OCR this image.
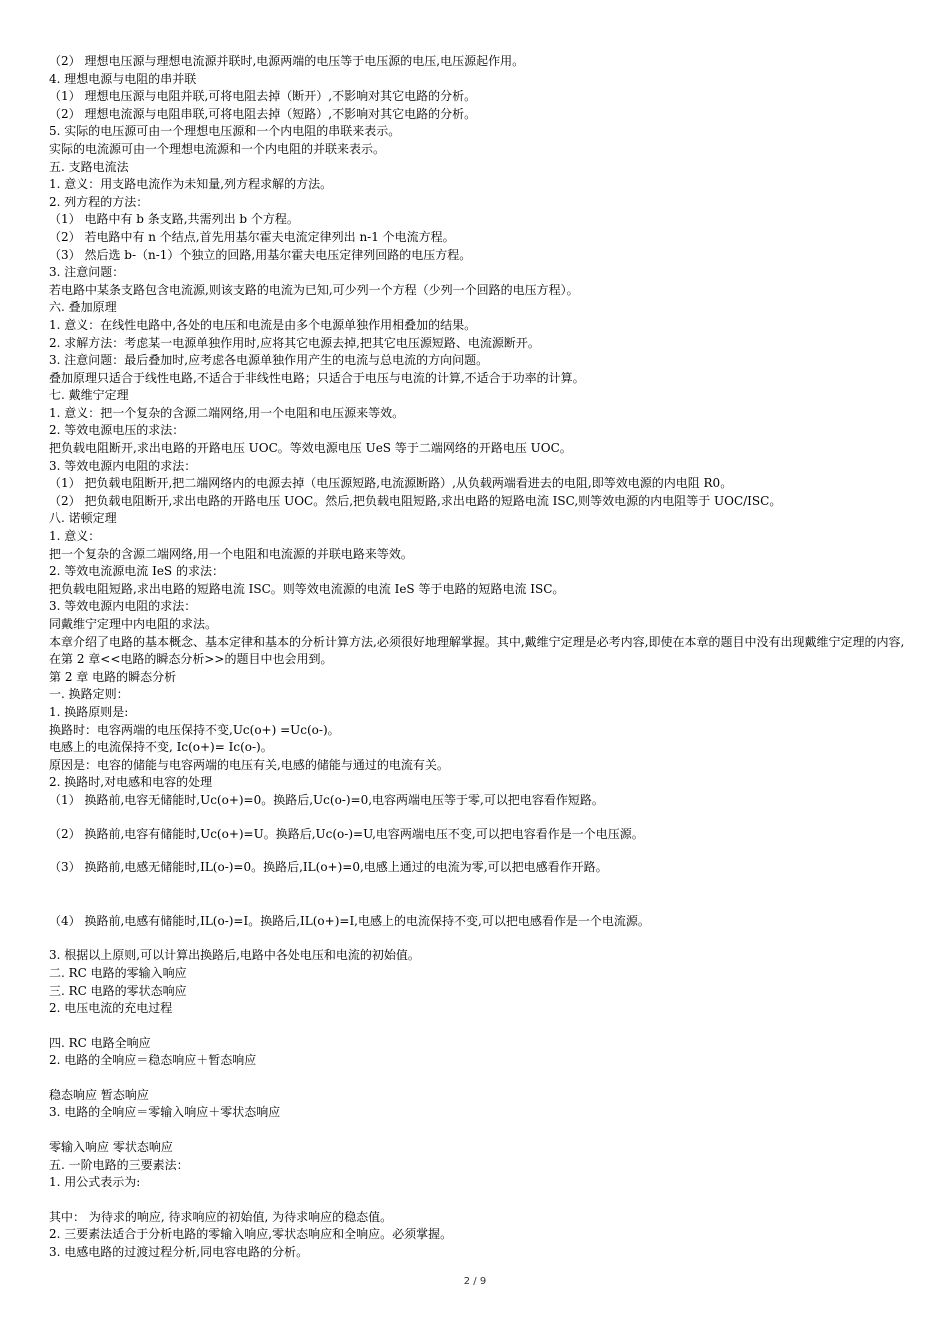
（2） 理想电压源与理想电流源并联时,电源两端的电压等于电压源的电压,电压源起作用。
4. 理想电源与电阻的串并联
（1） 理想电压源与电阻并联,可将电阻去掉（断开）,不影响对其它电路的分析。
（2） 理想电流源与电阻串联,可将电阻去掉（短路）,不影响对其它电路的分析。
5. 实际的电压源可由一个理想电压源和一个内电阻的串联来表示。
实际的电流源可由一个理想电流源和一个内电阻的并联来表示。
五. 支路电流法
1. 意义：用支路电流作为未知量,列方程求解的方法。
2. 列方程的方法：
（1） 电路中有 b 条支路,共需列出 b 个方程。
（2） 若电路中有 n 个结点,首先用基尔霍夫电流定律列出 n-1 个电流方程。
（3） 然后选 b-（n-1）个独立的回路,用基尔霍夫电压定律列回路的电压方程。
3. 注意问题：
若电路中某条支路包含电流源,则该支路的电流为已知,可少列一个方程（少列一个回路的电压方程）。
六. 叠加原理
1. 意义：在线性电路中,各处的电压和电流是由多个电源单独作用相叠加的结果。
2. 求解方法：考虑某一电源单独作用时,应将其它电源去掉,把其它电压源短路、电流源断开。
3. 注意问题：最后叠加时,应考虑各电源单独作用产生的电流与总电流的方向问题。
叠加原理只适合于线性电路,不适合于非线性电路；只适合于电压与电流的计算,不适合于功率的计算。
七. 戴维宁定理
1. 意义：把一个复杂的含源二端网络,用一个电阻和电压源来等效。
2. 等效电源电压的求法：
把负载电阻断开,求出电路的开路电压 UOC。等效电源电压 UeS 等于二端网络的开路电压 UOC。
3. 等效电源内电阻的求法：
（1） 把负载电阻断开,把二端网络内的电源去掉（电压源短路,电流源断路）,从负载两端看进去的电阻,即等效电源的内电阻 R0。
（2） 把负载电阻断开,求出电路的开路电压 UOC。然后,把负载电阻短路,求出电路的短路电流 ISC,则等效电源的内电阻等于 UOC/ISC。
八. 诺顿定理
1. 意义：
把一个复杂的含源二端网络,用一个电阻和电流源的并联电路来等效。
2. 等效电流源电流 IeS 的求法：
把负载电阻短路,求出电路的短路电流 ISC。则等效电流源的电流 IeS 等于电路的短路电流 ISC。
3. 等效电源内电阻的求法：
同戴维宁定理中内电阻的求法。
本章介绍了电路的基本概念、基本定律和基本的分析计算方法,必须很好地理解掌握。其中,戴维宁定理是必考内容,即使在本章的题目中没有出现戴维宁定理的内容,在第 2 章<<电路的瞬态分析>>的题目中也会用到。
第 2 章 电路的瞬态分析
一. 换路定则：
1. 换路原则是:
换路时：电容两端的电压保持不变,Uc(o+) =Uc(o-)。
电感上的电流保持不变, Ic(o+)= Ic(o-)。
原因是：电容的储能与电容两端的电压有关,电感的储能与通过的电流有关。
2. 换路时,对电感和电容的处理
（1） 换路前,电容无储能时,Uc(o+)=0。换路后,Uc(o-)=0,电容两端电压等于零,可以把电容看作短路。
（2） 换路前,电容有储能时,Uc(o+)=U。换路后,Uc(o-)=U,电容两端电压不变,可以把电容看作是一个电压源。
（3） 换路前,电感无储能时,IL(o-)=0。换路后,IL(o+)=0,电感上通过的电流为零,可以把电感看作开路。
（4） 换路前,电感有储能时,IL(o-)=I。换路后,IL(o+)=I,电感上的电流保持不变,可以把电感看作是一个电流源。
3. 根据以上原则,可以计算出换路后,电路中各处电压和电流的初始值。
二. RC 电路的零输入响应
三. RC 电路的零状态响应
2. 电压电流的充电过程
四. RC 电路全响应
2. 电路的全响应＝稳态响应＋暂态响应
稳态响应 暂态响应
3. 电路的全响应＝零输入响应＋零状态响应
零输入响应 零状态响应
五. 一阶电路的三要素法：
1. 用公式表示为:
其中： 为待求的响应, 待求响应的初始值, 为待求响应的稳态值。
2. 三要素法适合于分析电路的零输入响应,零状态响应和全响应。必须掌握。
3. 电感电路的过渡过程分析,同电容电路的分析。
2 / 9
